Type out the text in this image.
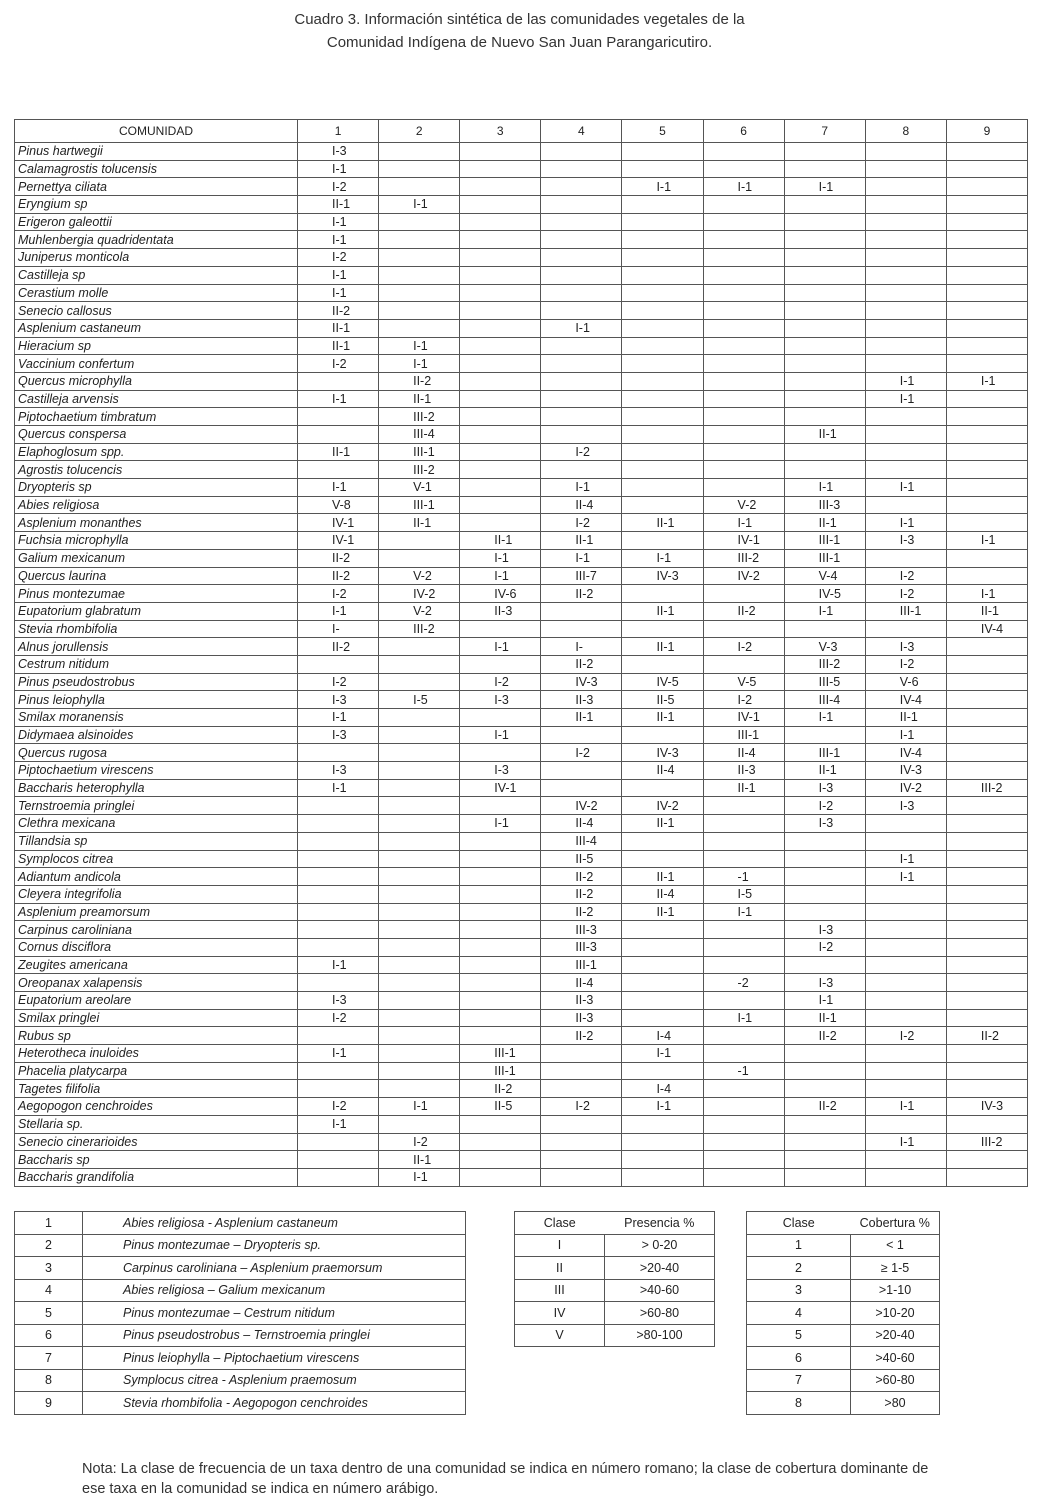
Cuadro 3. Información sintética de las comunidades vegetales de la
Comunidad Indígena de Nuevo San Juan Parangaricutiro.
COMUNIDAD	1	2	3	4	5	6	7	8	9
Pinus hartwegii	I-3								
Calamagrostis tolucensis	I-1								
Pernettya ciliata	I-2				I-1	I-1	I-1		
Eryngium sp	II-1	I-1							
Erigeron galeottii	I-1								
Muhlenbergia quadridentata	I-1								
Juniperus monticola	I-2								
Castilleja sp	I-1								
Cerastium molle	I-1								
Senecio callosus	II-2								
Asplenium castaneum	II-1			I-1					
Hieracium sp	II-1	I-1							
Vaccinium confertum	I-2	I-1							
Quercus microphylla		II-2						I-1	I-1
Castilleja arvensis	I-1	II-1						I-1	
Piptochaetium timbratum		III-2							
Quercus conspersa		III-4					II-1		
Elaphoglosum spp.	II-1	III-1		I-2					
Agrostis tolucencis		III-2							
Dryopteris sp	I-1	V-1		I-1			I-1	I-1	
Abies religiosa	V-8	III-1		II-4		V-2	III-3		
Asplenium monanthes	IV-1	II-1		I-2	II-1	I-1	II-1	I-1	
Fuchsia microphylla	IV-1		II-1	II-1		IV-1	III-1	I-3	I-1
Galium mexicanum	II-2		I-1	I-1	I-1	III-2	III-1		
Quercus laurina	II-2	V-2	I-1	III-7	IV-3	IV-2	V-4	I-2	
Pinus montezumae	I-2	IV-2	IV-6	II-2			IV-5	I-2	I-1
Eupatorium glabratum	I-1	V-2	II-3		II-1	II-2	I-1	III-1	II-1
Stevia rhombifolia	I-	III-2							IV-4
Alnus jorullensis	II-2		I-1	I-	II-1	I-2	V-3	I-3	
Cestrum nitidum				II-2			III-2	I-2	
Pinus pseudostrobus	I-2		I-2	IV-3	IV-5	V-5	III-5	V-6	
Pinus leiophylla	I-3	I-5	I-3	II-3	II-5	I-2	III-4	IV-4	
Smilax moranensis	I-1			II-1	II-1	IV-1	I-1	II-1	
Didymaea alsinoides	I-3		I-1			III-1		I-1	
Quercus rugosa				I-2	IV-3	II-4	III-1	IV-4	
Piptochaetium virescens	I-3		I-3		II-4	II-3	II-1	IV-3	
Baccharis heterophylla	I-1		IV-1			II-1	I-3	IV-2	III-2
Ternstroemia pringlei				IV-2	IV-2		I-2	I-3	
Clethra mexicana			I-1	II-4	II-1		I-3		
Tillandsia sp				III-4					
Symplocos citrea				II-5				I-1	
Adiantum andicola				II-2	II-1	-1		I-1	
Cleyera integrifolia				II-2	II-4	I-5			
Asplenium preamorsum				II-2	II-1	I-1			
Carpinus caroliniana				III-3			I-3		
Cornus disciflora				III-3			I-2		
Zeugites americana	I-1			III-1					
Oreopanax xalapensis				II-4		-2	I-3		
Eupatorium areolare	I-3			II-3			I-1		
Smilax pringlei	I-2			II-3		I-1	II-1		
Rubus sp				II-2	I-4		II-2	I-2	II-2
Heterotheca inuloides	I-1		III-1		I-1				
Phacelia platycarpa			III-1			-1			
Tagetes filifolia			II-2		I-4				
Aegopogon cenchroides	I-2	I-1	II-5	I-2	I-1		II-2	I-1	IV-3
Stellaria sp.	I-1								
Senecio cinerarioides		I-2						I-1	III-2
Baccharis sp		II-1							
Baccharis grandifolia		I-1							
1	Abies religiosa - Asplenium castaneum
2	Pinus montezumae – Dryopteris sp.
3	Carpinus caroliniana – Asplenium praemorsum
4	Abies religiosa – Galium mexicanum
5	Pinus montezumae – Cestrum nitidum
6	Pinus pseudostrobus – Ternstroemia pringlei
7	Pinus leiophylla – Piptochaetium virescens
8	Symplocus citrea - Asplenium praemosum
9	Stevia rhombifolia - Aegopogon cenchroides
Clase	Presencia %
I	> 0-20
II	>20-40
III	>40-60
IV	>60-80
V	>80-100
Clase	Cobertura %
1	< 1
2	≥ 1-5
3	>1-10
4	>10-20
5	>20-40
6	>40-60
7	>60-80
8	>80
Nota: La clase de frecuencia de un taxa dentro de una comunidad se indica en número romano; la clase de cobertura dominante de ese taxa en la comunidad se indica en número arábigo.
